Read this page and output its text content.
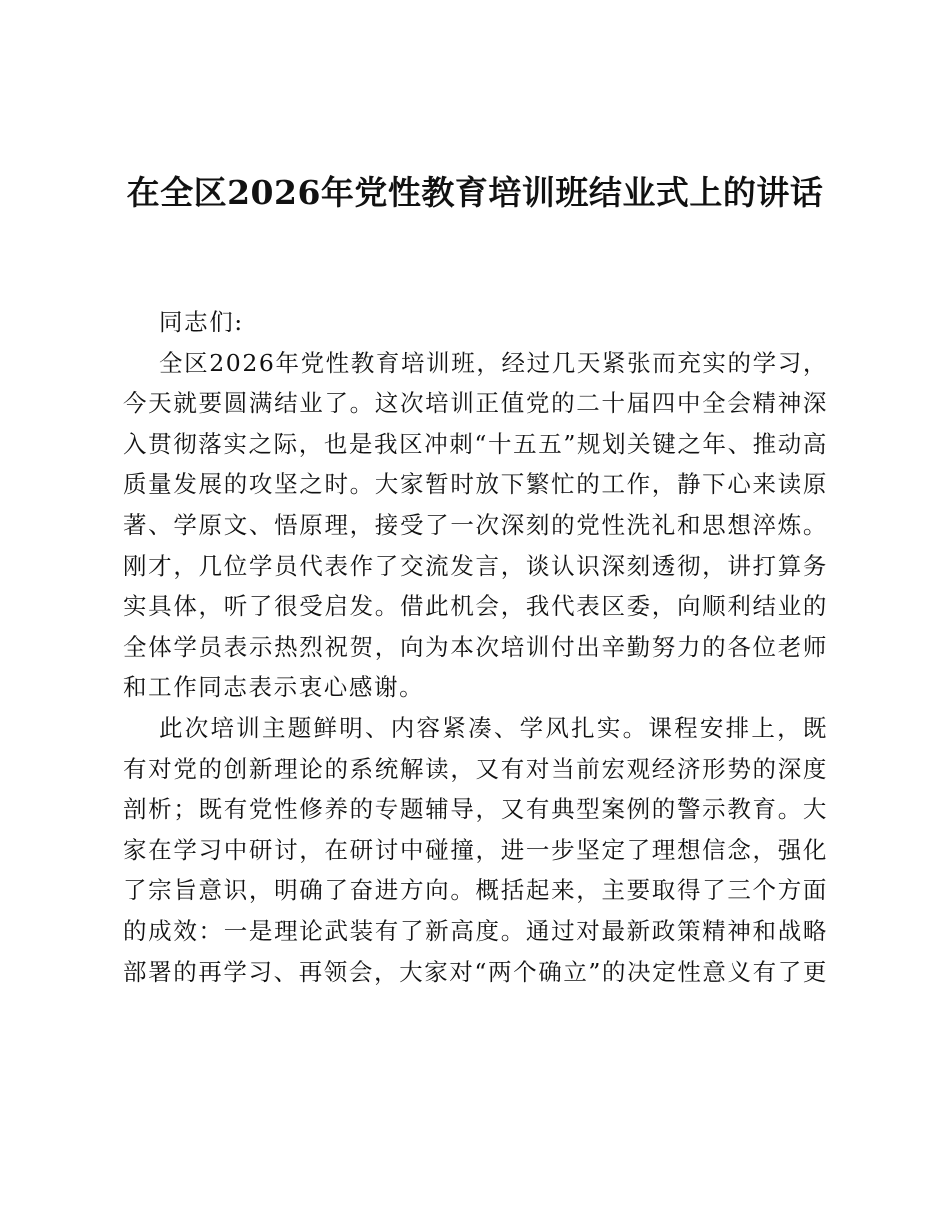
在全区2026年党性教育培训班结业式上的讲话

同志们:

全区2026年党性教育培训班，经过几天紧张而充实的学习，今天就要圆满结业了。这次培训正值党的二十届四中全会精神深入贯彻落实之际，也是我区冲刺“十五五”规划关键之年、推动高质量发展的攻坚之时。大家暂时放下繁忙的工作，静下心来读原著、学原文、悟原理，接受了一次深刻的党性洗礼和思想淬炼。刚才，几位学员代表作了交流发言，谈认识深刻透彻，讲打算务实具体，听了很受启发。借此机会，我代表区委，向顺利结业的全体学员表示热烈祝贺，向为本次培训付出辛勤努力的各位老师和工作同志表示衷心感谢。

此次培训主题鲜明、内容紧凑、学风扎实。课程安排上，既有对党的创新理论的系统解读，又有对当前宏观经济形势的深度剖析；既有党性修养的专题辅导，又有典型案例的警示教育。大家在学习中研讨，在研讨中碰撞，进一步坚定了理想信念，强化了宗旨意识，明确了奋进方向。概括起来，主要取得了三个方面的成效：一是理论武装有了新高度。通过对最新政策精神和战略部署的再学习、再领会，大家对“两个确立”的决定性意义有了更
